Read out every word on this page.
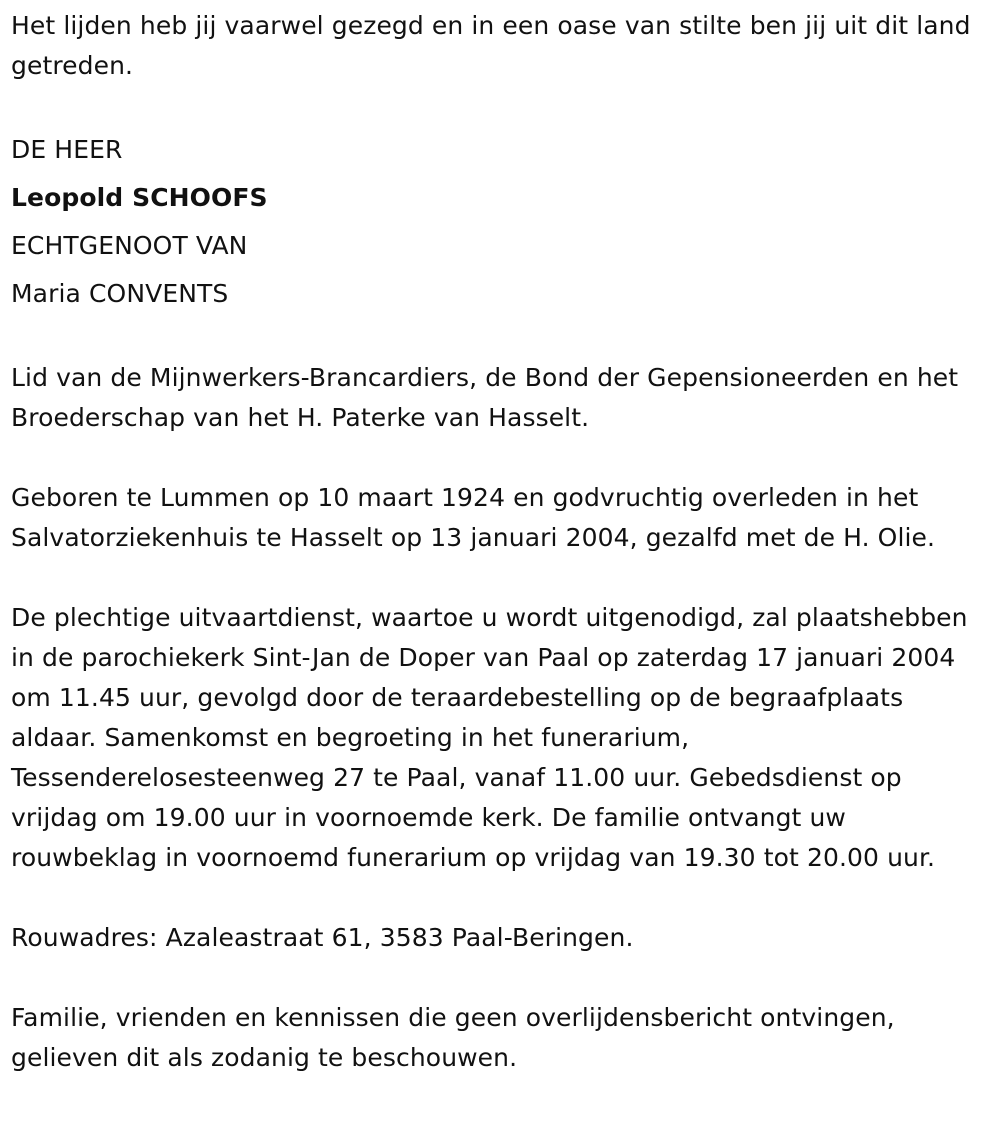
Het lijden heb jij vaarwel gezegd en in een oase van stilte ben jij uit dit land getreden.

DE HEER

Leopold SCHOOFS

ECHTGENOOT VAN

Maria CONVENTS

Lid van de Mijnwerkers-Brancardiers, de Bond der Gepensioneerden en het Broederschap van het H. Paterke van Hasselt.

Geboren te Lummen op 10 maart 1924 en godvruchtig overleden in het Salvatorziekenhuis te Hasselt op 13 januari 2004, gezalfd met de H. Olie.

De plechtige uitvaartdienst, waartoe u wordt uitgenodigd, zal plaatshebben in de parochiekerk Sint-Jan de Doper van Paal op zaterdag 17 januari 2004 om 11.45 uur, gevolgd door de teraardebestelling op de begraafplaats aldaar. Samenkomst en begroeting in het funerarium, Tessenderelosesteenweg 27 te Paal, vanaf 11.00 uur. Gebedsdienst op vrijdag om 19.00 uur in voornoemde kerk. De familie ontvangt uw rouwbeklag in voornoemd funerarium op vrijdag van 19.30 tot 20.00 uur.

Rouwadres: Azaleastraat 61, 3583 Paal-Beringen.

Familie, vrienden en kennissen die geen overlijdensbericht ontvingen, gelieven dit als zodanig te beschouwen.
